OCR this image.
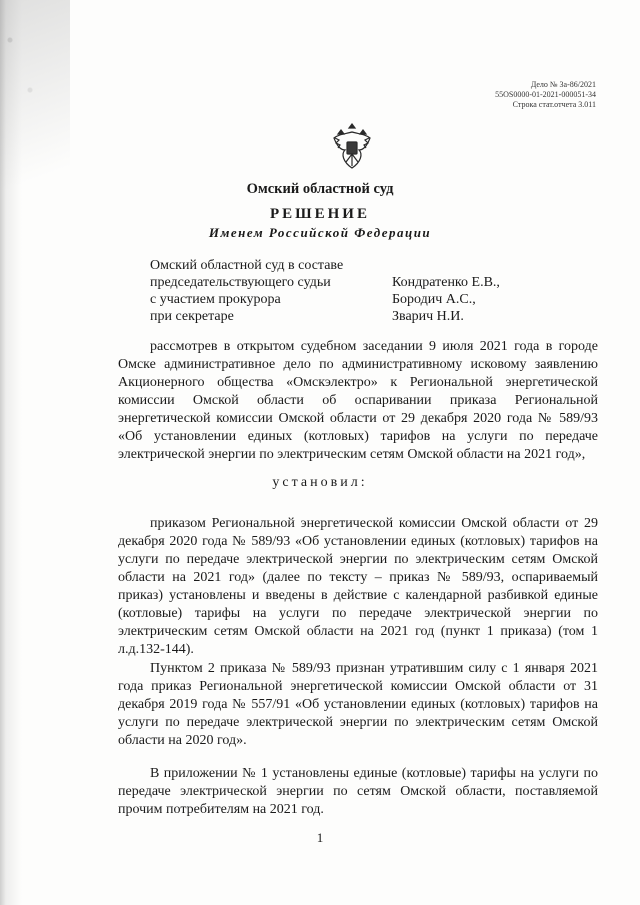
Дело № 3а-86/2021
55OS0000-01-2021-000051-34
Строка стат.отчета 3.011
Омский областной суд
РЕШЕНИЕ
Именем Российской Федерации
Омский областной суд в составе
председательствующего судьи	Кондратенко Е.В.,
с участием прокурора	Бородич А.С.,
при секретаре	Зварич Н.И.
рассмотрев в открытом судебном заседании 9 июля 2021 года в городе Омске административное дело по административному исковому заявлению Акционерного общества «Омскэлектро» к Региональной энергетической комиссии Омской области об оспаривании приказа Региональной энергетической комиссии Омской области от 29 декабря 2020 года № 589/93 «Об установлении единых (котловых) тарифов на услуги по передаче электрической энергии по электрическим сетям Омской области на 2021 год»,
установил:
приказом Региональной энергетической комиссии Омской области от 29 декабря 2020 года № 589/93 «Об установлении единых (котловых) тарифов на услуги по передаче электрической энергии по электрическим сетям Омской области на 2021 год» (далее по тексту – приказ № 589/93, оспариваемый приказ) установлены и введены в действие с календарной разбивкой единые (котловые) тарифы на услуги по передаче электрической энергии по электрическим сетям Омской области на 2021 год (пункт 1 приказа) (том 1 л.д.132-144).
Пунктом 2 приказа № 589/93 признан утратившим силу с 1 января 2021 года приказ Региональной энергетической комиссии Омской области от 31 декабря 2019 года № 557/91 «Об установлении единых (котловых) тарифов на услуги по передаче электрической энергии по электрическим сетям Омской области на 2020 год».
В приложении № 1 установлены единые (котловые) тарифы на услуги по передаче электрической энергии по сетям Омской области, поставляемой прочим потребителям на 2021 год.
1
